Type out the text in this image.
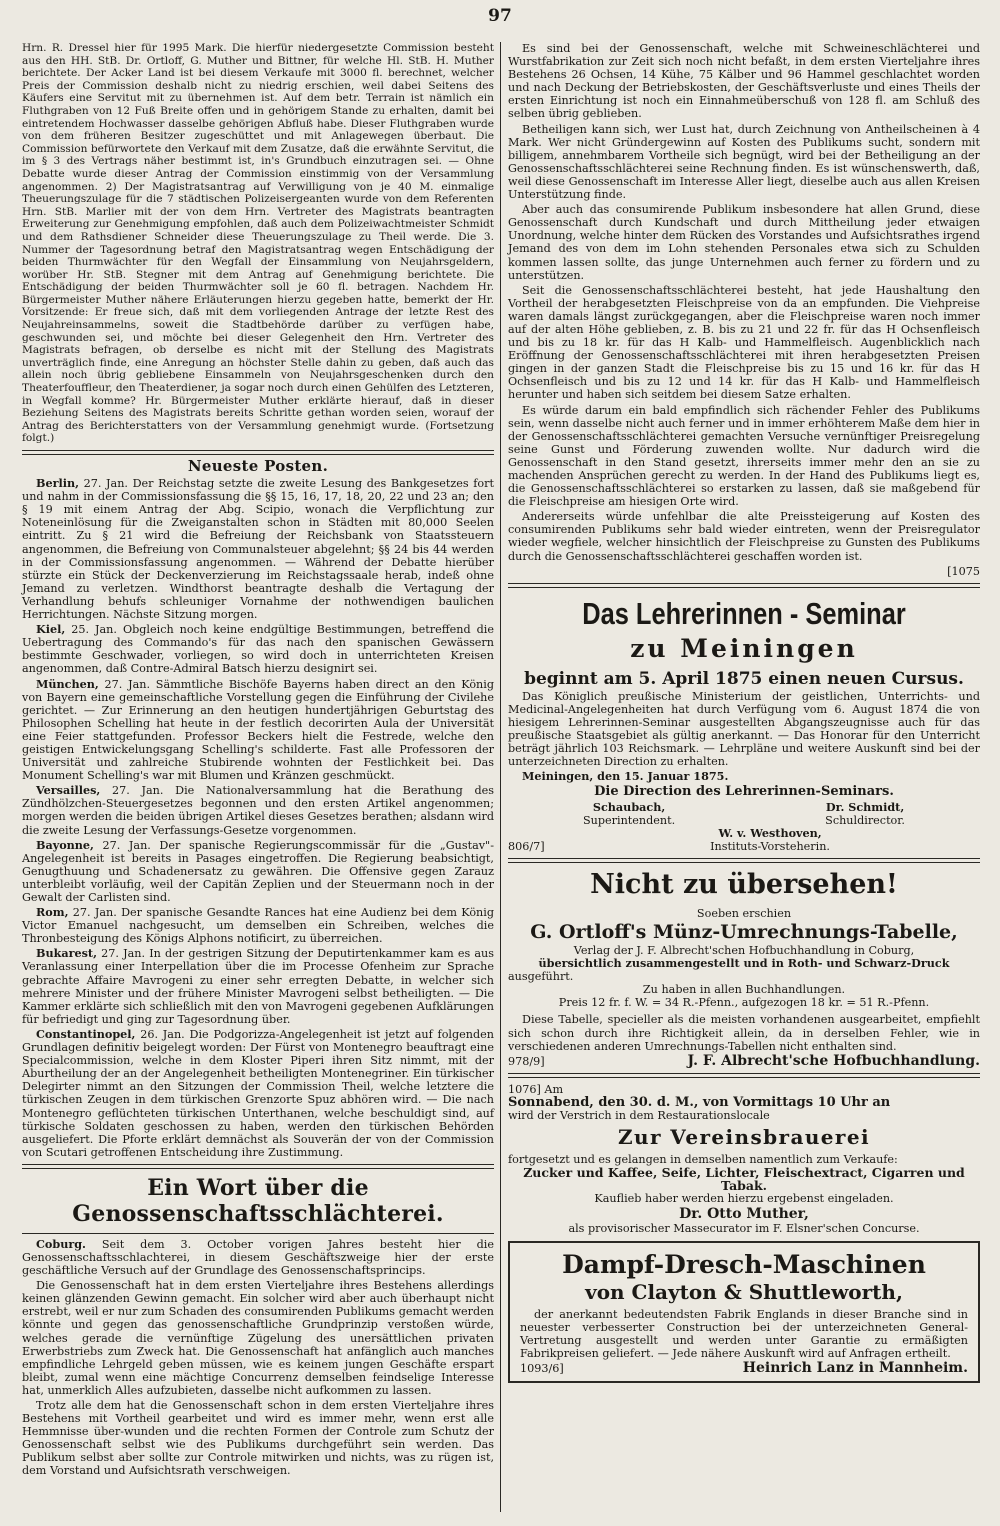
97

Hrn. R. Dressel hier für 1995 Mark. Die hierfür niedergesetzte Commission besteht aus den HH. StB. Dr. Ortloff, G. Muther und Bittner, für welche Hl. StB. H. Muther berichtete. Der Acker Land ist bei diesem Verkaufe mit 3000 fl. berechnet, welcher Preis der Commission deshalb nicht zu niedrig erschien, weil dabei Seitens des Käufers eine Servitut mit zu übernehmen ist. Auf dem betr. Terrain ist nämlich ein Fluthgraben von 12 Fuß Breite offen und in gehörigem Stande zu erhalten, damit bei eintretendem Hochwasser dasselbe gehörigen Abfluß habe. Dieser Fluthgraben wurde von dem früheren Besitzer zugeschüttet und mit Anlagewegen überbaut. Die Commission befürwortete den Verkauf mit dem Zusatze, daß die erwähnte Servitut, die im § 3 des Vertrags näher bestimmt ist, in's Grundbuch einzutragen sei. — Ohne Debatte wurde dieser Antrag der Commission einstimmig von der Versammlung angenommen. 2) Der Magistratsantrag auf Verwilligung von je 40 M. einmalige Theuerungszulage für die 7 städtischen Polizeisergeanten wurde von dem Referenten Hrn. StB. Marlier mit der von dem Hrn. Vertreter des Magistrats beantragten Erweiterung zur Genehmigung empfohlen, daß auch dem Polizeiwachtmeister Schmidt und dem Rathsdiener Schneider diese Theuerungszulage zu Theil werde. Die 3. Nummer der Tagesordnung betraf den Magistratsantrag wegen Entschädigung der beiden Thurmwächter für den Wegfall der Einsammlung von Neujahrsgeldern, worüber Hr. StB. Stegner mit dem Antrag auf Genehmigung berichtete. Die Entschädigung der beiden Thurmwächter soll je 60 fl. betragen. Nachdem Hr. Bürgermeister Muther nähere Erläuterungen hierzu gegeben hatte, bemerkt der Hr. Vorsitzende: Er freue sich, daß mit dem vorliegenden Antrage der letzte Rest des Neujahreinsammelns, soweit die Stadtbehörde darüber zu verfügen habe, geschwunden sei, und möchte bei dieser Gelegenheit den Hrn. Vertreter des Magistrats befragen, ob derselbe es nicht mit der Stellung des Magistrats unverträglich finde, eine Anregung an höchster Stelle dahin zu geben, daß auch das allein noch übrig gebliebene Einsammeln von Neujahrsgeschenken durch den Theaterfouffleur, den Theaterdiener, ja sogar noch durch einen Gehülfen des Letzteren, in Wegfall komme? Hr. Bürgermeister Muther erklärte hierauf, daß in dieser Beziehung Seitens des Magistrats bereits Schritte gethan worden seien, worauf der Antrag des Berichterstatters von der Versammlung genehmigt wurde. (Fortsetzung folgt.)

Neueste Posten.

Berlin, 27. Jan. Der Reichstag setzte die zweite Lesung des Bankgesetzes fort und nahm in der Commissionsfassung die §§ 15, 16, 17, 18, 20, 22 und 23 an; den § 19 mit einem Antrag der Abg. Scipio, wonach die Verpflichtung zur Noteneinlösung für die Zweiganstalten schon in Städten mit 80,000 Seelen eintritt. Zu § 21 wird die Befreiung der Reichsbank von Staatssteuern angenommen, die Befreiung von Communalsteuer abgelehnt; §§ 24 bis 44 werden in der Commissionsfassung angenommen. — Während der Debatte hierüber stürzte ein Stück der Deckenverzierung im Reichstagssaale herab, indeß ohne Jemand zu verletzen. Windthorst beantragte deshalb die Vertagung der Verhandlung behufs schleuniger Vornahme der nothwendigen baulichen Herrichtungen. Nächste Sitzung morgen.

Kiel, 25. Jan. Obgleich noch keine endgültige Bestimmungen, betreffend die Uebertragung des Commando's für das nach den spanischen Gewässern bestimmte Geschwader, vorliegen, so wird doch in unterrichteten Kreisen angenommen, daß Contre-Admiral Batsch hierzu designirt sei.

München, 27. Jan. Sämmtliche Bischöfe Bayerns haben direct an den König von Bayern eine gemeinschaftliche Vorstellung gegen die Einführung der Civilehe gerichtet. — Zur Erinnerung an den heutigen hundertjährigen Geburtstag des Philosophen Schelling hat heute in der festlich decorirten Aula der Universität eine Feier stattgefunden. Professor Beckers hielt die Festrede, welche den geistigen Entwickelungsgang Schelling's schilderte. Fast alle Professoren der Universität und zahlreiche Stubirende wohnten der Festlichkeit bei. Das Monument Schelling's war mit Blumen und Kränzen geschmückt.

Versailles, 27. Jan. Die Nationalversammlung hat die Berathung des Zündhölzchen-Steuergesetzes begonnen und den ersten Artikel angenommen; morgen werden die beiden übrigen Artikel dieses Gesetzes berathen; alsdann wird die zweite Lesung der Verfassungs-Gesetze vorgenommen.

Bayonne, 27. Jan. Der spanische Regierungscommissär für die „Gustav"-Angelegenheit ist bereits in Pasages eingetroffen. Die Regierung beabsichtigt, Genugthuung und Schadenersatz zu gewähren. Die Offensive gegen Zarauz unterbleibt vorläufig, weil der Capitän Zeplien und der Steuermann noch in der Gewalt der Carlisten sind.

Rom, 27. Jan. Der spanische Gesandte Rances hat eine Audienz bei dem König Victor Emanuel nachgesucht, um demselben ein Schreiben, welches die Thronbesteigung des Königs Alphons notificirt, zu überreichen.

Bukarest, 27. Jan. In der gestrigen Sitzung der Deputirtenkammer kam es aus Veranlassung einer Interpellation über die im Processe Ofenheim zur Sprache gebrachte Affaire Mavrogeni zu einer sehr erregten Debatte, in welcher sich mehrere Minister und der frühere Minister Mavrogeni selbst betheiligten. — Die Kammer erklärte sich schließlich mit den von Mavrogeni gegebenen Aufklärungen für befriedigt und ging zur Tagesordnung über.

Constantinopel, 26. Jan. Die Podgorizza-Angelegenheit ist jetzt auf folgenden Grundlagen definitiv beigelegt worden: Der Fürst von Montenegro beauftragt eine Specialcommission, welche in dem Kloster Piperi ihren Sitz nimmt, mit der Aburtheilung der an der Angelegenheit betheiligten Montenegriner. Ein türkischer Delegirter nimmt an den Sitzungen der Commission Theil, welche letztere die türkischen Zeugen in dem türkischen Grenzorte Spuz abhören wird. — Die nach Montenegro geflüchteten türkischen Unterthanen, welche beschuldigt sind, auf türkische Soldaten geschossen zu haben, werden den türkischen Behörden ausgeliefert. Die Pforte erklärt demnächst als Souverän der von der Commission von Scutari getroffenen Entscheidung ihre Zustimmung.

Ein Wort über die Genossenschaftsschlächterei.

Coburg. Seit dem 3. October vorigen Jahres besteht hier die Genossenschaftsschlachterei, in diesem Geschäftszweige hier der erste geschäftliche Versuch auf der Grundlage des Genossenschaftsprincips.

Die Genossenschaft hat in dem ersten Vierteljahre ihres Bestehens allerdings keinen glänzenden Gewinn gemacht. Ein solcher wird aber auch überhaupt nicht erstrebt, weil er nur zum Schaden des consumirenden Publikums gemacht werden könnte und gegen das genossenschaftliche Grundprinzip verstoßen würde, welches gerade die vernünftige Zügelung des unersättlichen privaten Erwerbstriebs zum Zweck hat. Die Genossenschaft hat anfänglich auch manches empfindliche Lehrgeld geben müssen, wie es keinem jungen Geschäfte erspart bleibt, zumal wenn eine mächtige Concurrenz demselben feindselige Interesse hat, unmerklich Alles aufzubieten, dasselbe nicht aufkommen zu lassen.

Trotz alle dem hat die Genossenschaft schon in dem ersten Vierteljahre ihres Bestehens mit Vortheil gearbeitet und wird es immer mehr, wenn erst alle Hemmnisse über-wunden und die rechten Formen der Controle zum Schutz der Genossenschaft selbst wie des Publikums durchgeführt sein werden. Das Publikum selbst aber sollte zur Controle mitwirken und nichts, was zu rügen ist, dem Vorstand und Aufsichtsrath verschweigen.

Es sind bei der Genossenschaft, welche mit Schweineschlächterei und Wurstfabrikation zur Zeit sich noch nicht befaßt, in dem ersten Vierteljahre ihres Bestehens 26 Ochsen, 14 Kühe, 75 Kälber und 96 Hammel geschlachtet worden und nach Deckung der Betriebskosten, der Geschäftsverluste und eines Theils der ersten Einrichtung ist noch ein Einnahmeüberschuß von 128 fl. am Schluß des selben übrig geblieben.

Betheiligen kann sich, wer Lust hat, durch Zeichnung von Antheilscheinen à 4 Mark. Wer nicht Gründergewinn auf Kosten des Publikums sucht, sondern mit billigem, annehmbarem Vortheile sich begnügt, wird bei der Betheiligung an der Genossenschaftsschlächterei seine Rechnung finden. Es ist wünschenswerth, daß, weil diese Genossenschaft im Interesse Aller liegt, dieselbe auch aus allen Kreisen Unterstützung finde.

Aber auch das consumirende Publikum insbesondere hat allen Grund, diese Genossenschaft durch Kundschaft und durch Mittheilung jeder etwaigen Unordnung, welche hinter dem Rücken des Vorstandes und Aufsichtsrathes irgend Jemand des von dem im Lohn stehenden Personales etwa sich zu Schulden kommen lassen sollte, das junge Unternehmen auch ferner zu fördern und zu unterstützen.

Seit die Genossenschaftsschlächterei besteht, hat jede Haushaltung den Vortheil der herabgesetzten Fleischpreise von da an empfunden. Die Viehpreise waren damals längst zurückgegangen, aber die Fleischpreise waren noch immer auf der alten Höhe geblieben, z. B. bis zu 21 und 22 fr. für das H Ochsenfleisch und bis zu 18 kr. für das H Kalb- und Hammelfleisch. Augenblicklich nach Eröffnung der Genossenschaftsschlächterei mit ihren herabgesetzten Preisen gingen in der ganzen Stadt die Fleischpreise bis zu 15 und 16 kr. für das H Ochsenfleisch und bis zu 12 und 14 kr. für das H Kalb- und Hammelfleisch herunter und haben sich seitdem bei diesem Satze erhalten.

Es würde darum ein bald empfindlich sich rächender Fehler des Publikums sein, wenn dasselbe nicht auch ferner und in immer erhöhterem Maße dem hier in der Genossenschaftsschlächterei gemachten Versuche vernünftiger Preisregelung seine Gunst und Förderung zuwenden wollte. Nur dadurch wird die Genossenschaft in den Stand gesetzt, ihrerseits immer mehr den an sie zu machenden Ansprüchen gerecht zu werden. In der Hand des Publikums liegt es, die Genossenschaftsschlächterei so erstarken zu lassen, daß sie maßgebend für die Fleischpreise am hiesigen Orte wird.

Andererseits würde unfehlbar die alte Preissteigerung auf Kosten des consumirenden Publikums sehr bald wieder eintreten, wenn der Preisregulator wieder wegfiele, welcher hinsichtlich der Fleischpreise zu Gunsten des Publikums durch die Genossenschaftsschlächterei geschaffen worden ist.

[1075

Das Lehrerinnen - Seminar
zu Meiningen
beginnt am 5. April 1875 einen neuen Cursus.

Das Königlich preußische Ministerium der geistlichen, Unterrichts- und Medicinal-Angelegenheiten hat durch Verfügung vom 6. August 1874 die von hiesigem Lehrerinnen-Seminar ausgestellten Abgangszeugnisse auch für das preußische Staatsgebiet als gültig anerkannt. — Das Honorar für den Unterricht beträgt jährlich 103 Reichsmark. — Lehrpläne und weitere Auskunft sind bei der unterzeichneten Direction zu erhalten.

Meiningen, den 15. Januar 1875.

Die Direction des Lehrerinnen-Seminars.
Schaubach,
Superintendent.
Dr. Schmidt,
Schuldirector.
806/7]
W. v. Westhoven,
Instituts-Vorsteherin.
Nicht zu übersehen!
Soeben erschien
G. Ortloff's Münz-Umrechnungs-Tabelle,
Verlag der J. F. Albrecht'schen Hofbuchhandlung in Coburg,
übersichtlich zusammengestellt und in Roth- und Schwarz-Druck
ausgeführt.
Zu haben in allen Buchhandlungen.
Preis 12 fr. f. W. = 34 R.-Pfenn., aufgezogen 18 kr. = 51 R.-Pfenn.

Diese Tabelle, specieller als die meisten vorhandenen ausgearbeitet, empfiehlt sich schon durch ihre Richtigkeit allein, da in derselben Fehler, wie in verschiedenen anderen Umrechnungs-Tabellen nicht enthalten sind.

978/9]	J. F. Albrecht'sche Hofbuchhandlung.
1076] Am
Sonnabend, den 30. d. M., von Vormittags 10 Uhr an
wird der Verstrich in dem Restaurationslocale
Zur Vereinsbrauerei
fortgesetzt und es gelangen in demselben namentlich zum Verkaufe:
Zucker und Kaffee, Seife, Lichter, Fleischextract, Cigarren und Tabak.
Kauflieb haber werden hierzu ergebenst eingeladen.
Dr. Otto Muther,
als provisorischer Massecurator im F. Elsner'schen Concurse.
Dampf-Dresch-Maschinen
von Clayton & Shuttleworth,

der anerkannt bedeutendsten Fabrik Englands in dieser Branche sind in neuester verbesserter Construction bei der unterzeichneten General-Vertretung ausgestellt und werden unter Garantie zu ermäßigten Fabrikpreisen geliefert. — Jede nähere Auskunft wird auf Anfragen ertheilt.

1093/6]	Heinrich Lanz in Mannheim.
